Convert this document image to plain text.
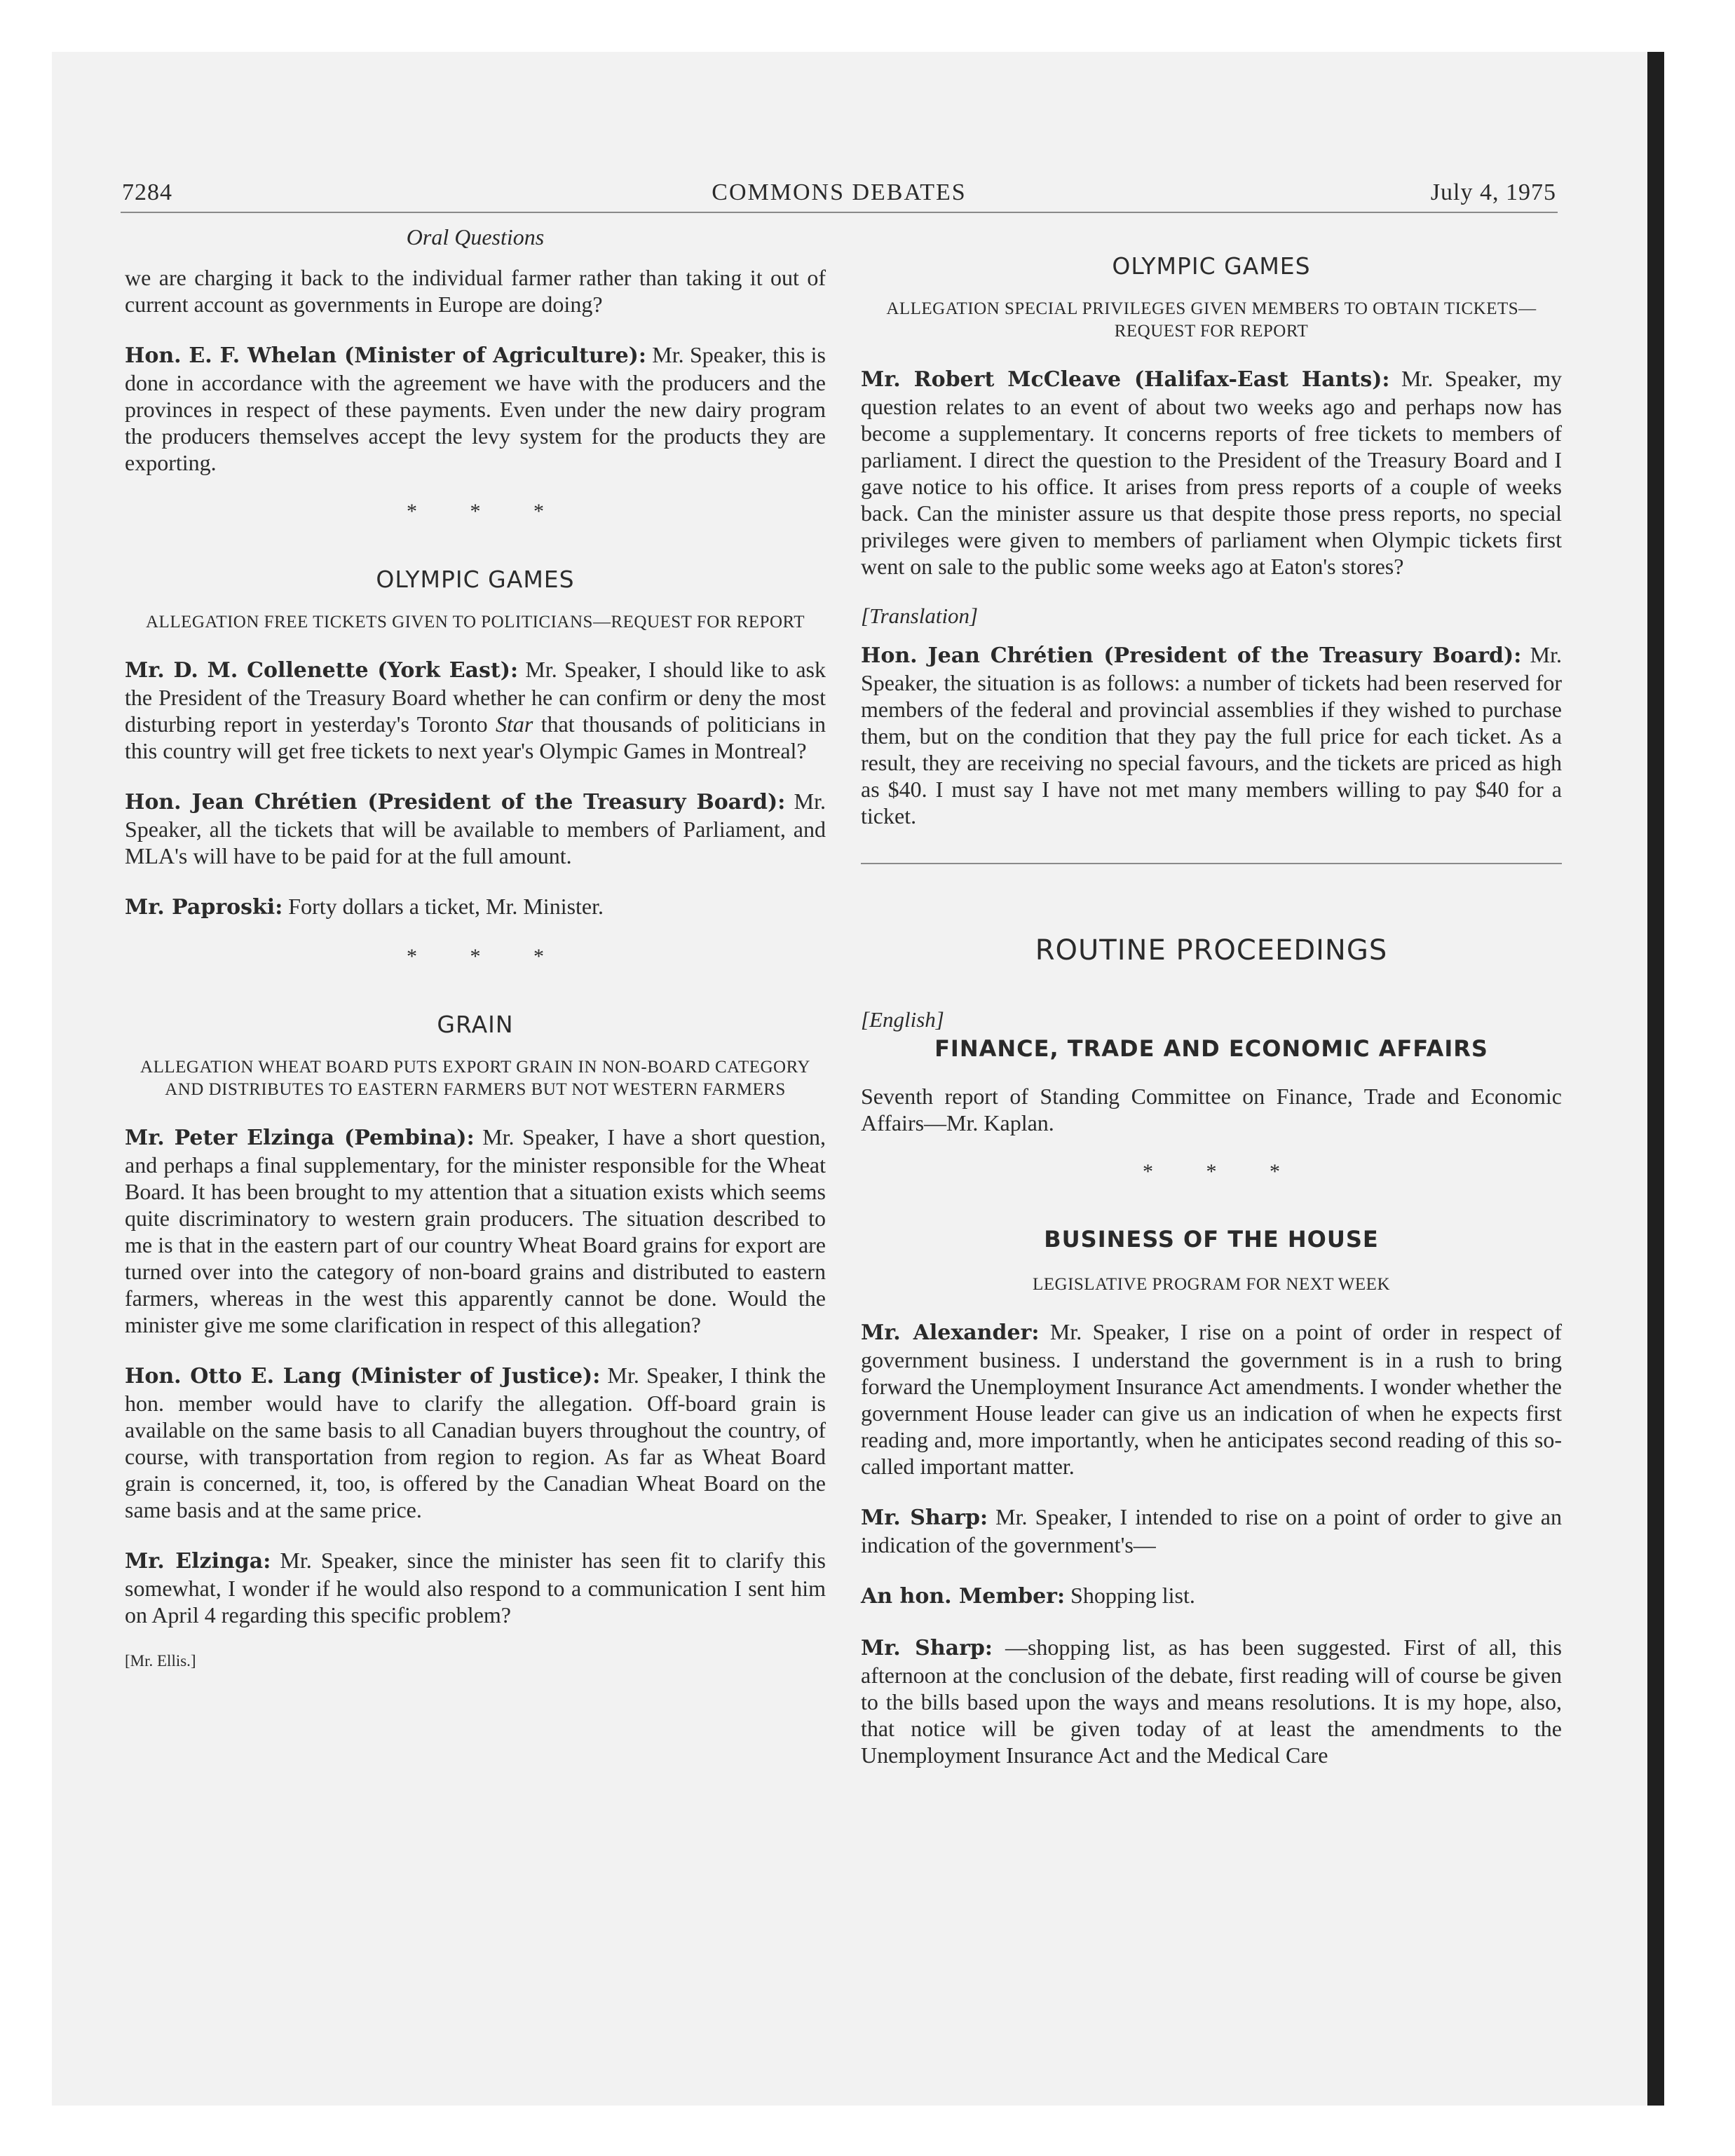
7284	COMMONS DEBATES	July 4, 1975
Oral Questions

we are charging it back to the individual farmer rather than taking it out of current account as governments in Europe are doing?

Hon. E. F. Whelan (Minister of Agriculture): Mr. Speaker, this is done in accordance with the agreement we have with the producers and the provinces in respect of these payments. Even under the new dairy program the producers themselves accept the levy system for the products they are exporting.

* * *
OLYMPIC GAMES
ALLEGATION FREE TICKETS GIVEN TO POLITICIANS—REQUEST FOR REPORT

Mr. D. M. Collenette (York East): Mr. Speaker, I should like to ask the President of the Treasury Board whether he can confirm or deny the most disturbing report in yesterday's Toronto Star that thousands of politicians in this country will get free tickets to next year's Olympic Games in Montreal?

Hon. Jean Chrétien (President of the Treasury Board): Mr. Speaker, all the tickets that will be available to members of Parliament, and MLA's will have to be paid for at the full amount.

Mr. Paproski: Forty dollars a ticket, Mr. Minister.

* * *
GRAIN
ALLEGATION WHEAT BOARD PUTS EXPORT GRAIN IN NON-BOARD CATEGORY AND DISTRIBUTES TO EASTERN FARMERS BUT NOT WESTERN FARMERS

Mr. Peter Elzinga (Pembina): Mr. Speaker, I have a short question, and perhaps a final supplementary, for the minister responsible for the Wheat Board. It has been brought to my attention that a situation exists which seems quite discriminatory to western grain producers. The situation described to me is that in the eastern part of our country Wheat Board grains for export are turned over into the category of non-board grains and distributed to eastern farmers, whereas in the west this apparently cannot be done. Would the minister give me some clarification in respect of this allegation?

Hon. Otto E. Lang (Minister of Justice): Mr. Speaker, I think the hon. member would have to clarify the allegation. Off-board grain is available on the same basis to all Canadian buyers throughout the country, of course, with transportation from region to region. As far as Wheat Board grain is concerned, it, too, is offered by the Canadian Wheat Board on the same basis and at the same price.

Mr. Elzinga: Mr. Speaker, since the minister has seen fit to clarify this somewhat, I wonder if he would also respond to a communication I sent him on April 4 regarding this specific problem?

[Mr. Ellis.]
OLYMPIC GAMES
ALLEGATION SPECIAL PRIVILEGES GIVEN MEMBERS TO OBTAIN TICKETS—REQUEST FOR REPORT

Mr. Robert McCleave (Halifax-East Hants): Mr. Speaker, my question relates to an event of about two weeks ago and perhaps now has become a supplementary. It concerns reports of free tickets to members of parliament. I direct the question to the President of the Treasury Board and I gave notice to his office. It arises from press reports of a couple of weeks back. Can the minister assure us that despite those press reports, no special privileges were given to members of parliament when Olympic tickets first went on sale to the public some weeks ago at Eaton's stores?

[Translation]

Hon. Jean Chrétien (President of the Treasury Board): Mr. Speaker, the situation is as follows: a number of tickets had been reserved for members of the federal and provincial assemblies if they wished to purchase them, but on the condition that they pay the full price for each ticket. As a result, they are receiving no special favours, and the tickets are priced as high as $40. I must say I have not met many members willing to pay $40 for a ticket.

ROUTINE PROCEEDINGS
[English]
FINANCE, TRADE AND ECONOMIC AFFAIRS

Seventh report of Standing Committee on Finance, Trade and Economic Affairs—Mr. Kaplan.

* * *
BUSINESS OF THE HOUSE
LEGISLATIVE PROGRAM FOR NEXT WEEK

Mr. Alexander: Mr. Speaker, I rise on a point of order in respect of government business. I understand the government is in a rush to bring forward the Unemployment Insurance Act amendments. I wonder whether the government House leader can give us an indication of when he expects first reading and, more importantly, when he anticipates second reading of this so-called important matter.

Mr. Sharp: Mr. Speaker, I intended to rise on a point of order to give an indication of the government's—

An hon. Member: Shopping list.

Mr. Sharp: —shopping list, as has been suggested. First of all, this afternoon at the conclusion of the debate, first reading will of course be given to the bills based upon the ways and means resolutions. It is my hope, also, that notice will be given today of at least the amendments to the Unemployment Insurance Act and the Medical Care
